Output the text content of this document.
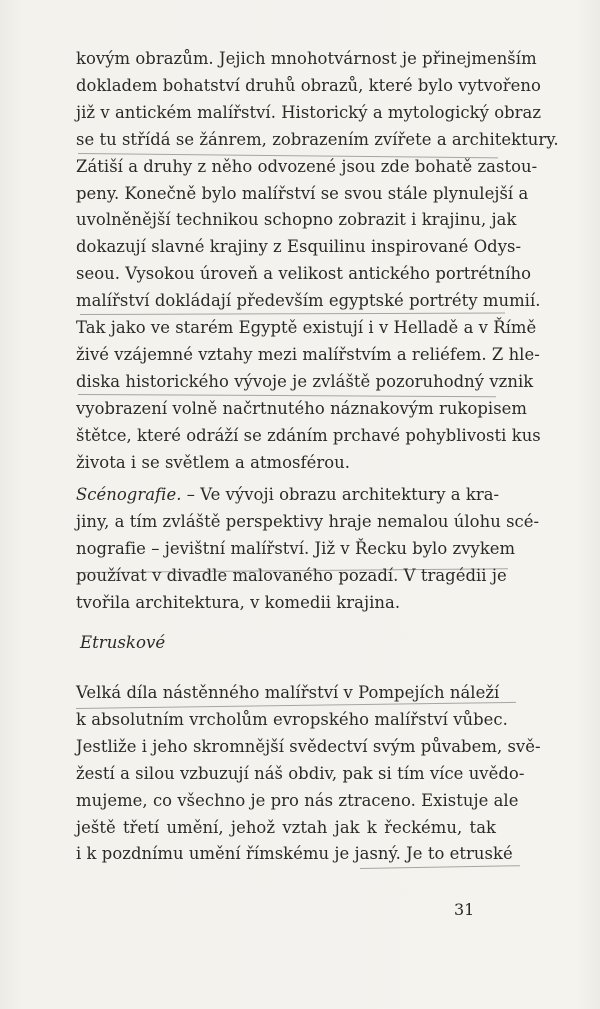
kovým obrazům. Jejich mnohotvárnost je přinejmenším
dokladem bohatství druhů obrazů, které bylo vytvořeno
již v antickém malířství. Historický a mytologický obraz
se tu střídá se žánrem, zobrazením zvířete a architektury.
Zátiší a druhy z něho odvozené jsou zde bohatě zastou-
peny. Konečně bylo malířství se svou stále plynulejší a
uvolněnější technikou schopno zobrazit i krajinu, jak
dokazují slavné krajiny z Esquilinu inspirované Odys-
seou. Vysokou úroveň a velikost antického portrétního
malířství dokládají především egyptské portréty mumií.
Tak jako ve starém Egyptě existují i v Helladě a v Římě
živé vzájemné vztahy mezi malířstvím a reliéfem. Z hle-
diska historického vývoje je zvláště pozoruhodný vznik
vyobrazení volně načrtnutého náznakovým rukopisem
štětce, které odráží se zdáním prchavé pohyblivosti kus
života i se světlem a atmosférou.
Scénografie. – Ve vývoji obrazu architektury a kra-
jiny, a tím zvláště perspektivy hraje nemalou úlohu scé-
nografie – jevištní malířství. Již v Řecku bylo zvykem
používat v divadle malovaného pozadí. V tragédii je
tvořila architektura, v komedii krajina.
Etruskové
Velká díla nástěnného malířství v Pompejích náleží
k absolutním vrcholům evropského malířství vůbec.
Jestliže i jeho skromnější svědectví svým půvabem, svě-
žestí a silou vzbuzují náš obdiv, pak si tím více uvědo-
mujeme, co všechno je pro nás ztraceno. Existuje ale
ještě třetí umění, jehož vztah jak k řeckému, tak
i k pozdnímu umění římskému je jasný. Je to etruské
31
